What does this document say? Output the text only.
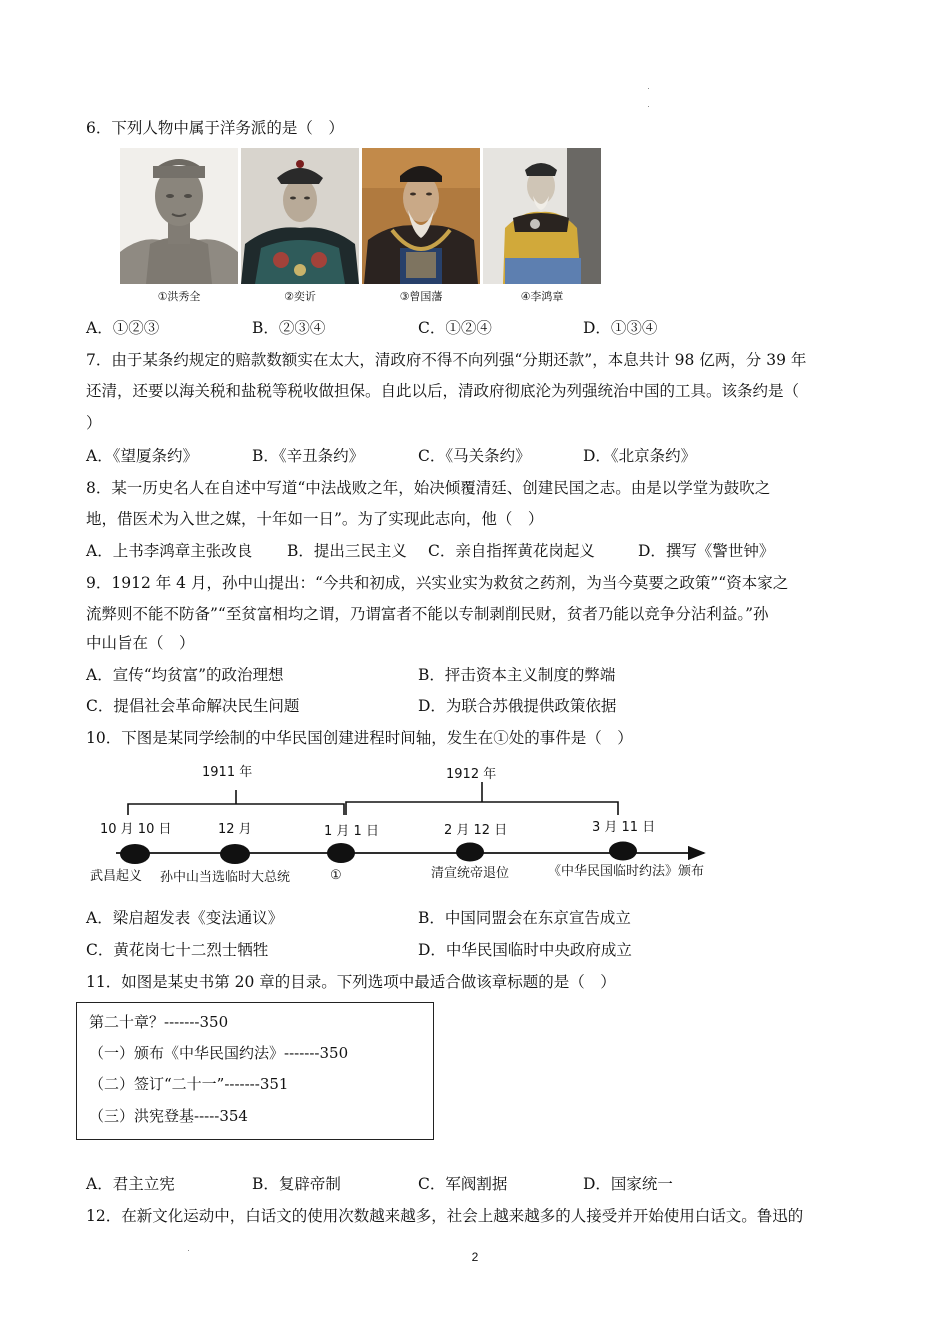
6．下列人物中属于洋务派的是（　）
①洪秀全	②奕䜣	③曾国藩	④李鸿章
A．①②③	B．②③④	C．①②④	D．①③④
7．由于某条约规定的赔款数额实在太大，清政府不得不向列强“分期还款”，本息共计 98 亿两，分 39 年
还清，还要以海关税和盐税等税收做担保。自此以后，清政府彻底沦为列强统治中国的工具。该条约是（
）
A．《望厦条约》	B．《辛丑条约》	C．《马关条约》	D．《北京条约》
8．某一历史名人在自述中写道“中法战败之年，始决倾覆清廷、创建民国之志。由是以学堂为鼓吹之
地，借医术为入世之媒，十年如一日”。为了实现此志向，他（　）
A．上书李鸿章主张改良 B．提出三民主义 C．亲自指挥黄花岗起义	D．撰写《警世钟》
9．1912 年 4 月，孙中山提出：“今共和初成，兴实业实为救贫之药剂，为当今莫要之政策”“资本家之
流弊则不能不防备”“至贫富相均之谓，乃谓富者不能以专制剥削民财，贫者乃能以竞争分沾利益。”孙
中山旨在（　）
A．宣传“均贫富”的政治理想	B．抨击资本主义制度的弊端
C．提倡社会革命解决民生问题	D．为联合苏俄提供政策依据
10．下图是某同学绘制的中华民国创建进程时间轴，发生在①处的事件是（　）
1911 年	1912 年
10 月 10 日	12 月	1 月 1 日	2 月 12 日	3 月 11 日
武昌起义 孙中山当选临时大总统	①	清宣统帝退位	《中华民国临时约法》颁布
A．梁启超发表《变法通议》	B．中国同盟会在东京宣告成立
C．黄花岗七十二烈士牺牲	D．中华民国临时中央政府成立
11．如图是某史书第 20 章的目录。下列选项中最适合做该章标题的是（　）
第二十章？-------350
（一）颁布《中华民国约法》-------350
（二）签订“二十一”-------351
（三）洪宪登基-----354
A．君主立宪	B．复辟帝制	C．军阀割据	D．国家统一
12．在新文化运动中，白话文的使用次数越来越多，社会上越来越多的人接受并开始使用白话文。鲁迅的
2
